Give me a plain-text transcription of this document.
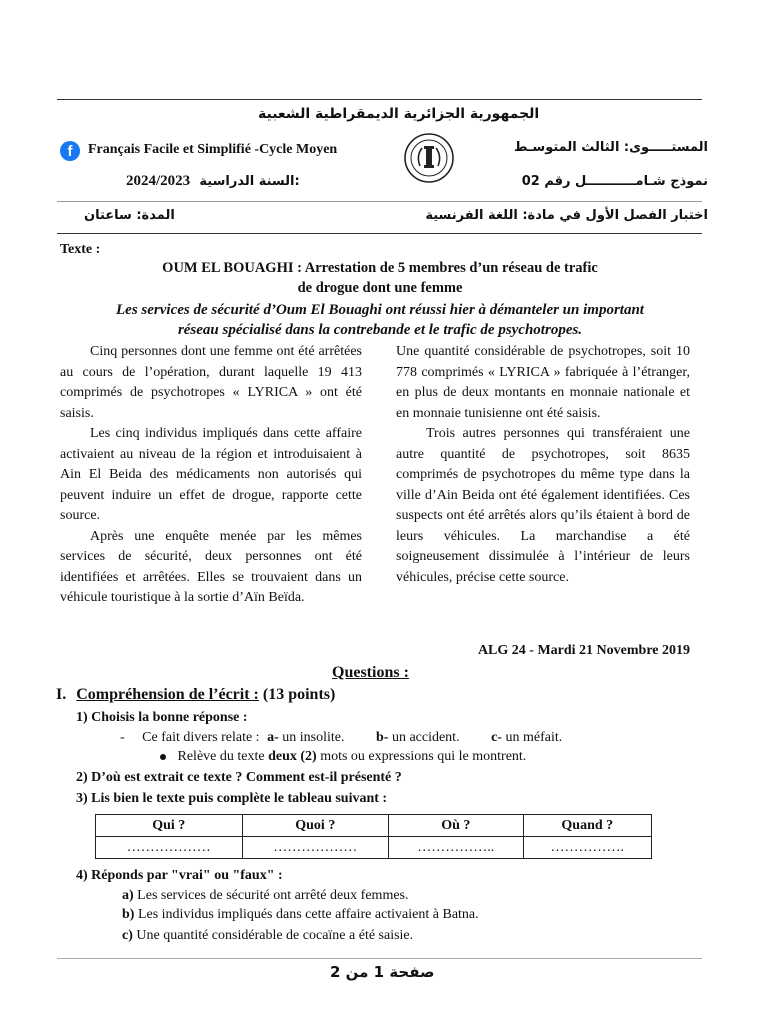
الجمهورية الجزائرية الديمقراطية الشعبية
f	Français Facile et Simplifié -Cycle Moyen	المستـــــوى: الثالث المتوسـط
نموذج شـامـــــــــــل رقم 02
2024/2023 السنة الدراسية:
اختبار الفصل الأول في مادة: اللغة الفرنسية
المدة: ساعتان
Texte :
OUM EL BOUAGHI : Arrestation de 5 membres d’un réseau de trafic
de drogue dont une femme
Les services de sécurité d’Oum El Bouaghi ont réussi hier à démanteler un important
réseau spécialisé dans la contrebande et le trafic de psychotropes.

Cinq personnes dont une femme ont été arrêtées au cours de l’opération, durant laquelle 19 413 comprimés de psychotropes « LYRICA » ont été saisis.

Les cinq individus impliqués dans cette affaire activaient au niveau de la région et introduisaient à Ain El Beida des médicaments non autorisés qui peuvent induire un effet de drogue, rapporte cette source.

Après une enquête menée par les mêmes services de sécurité, deux personnes ont été identifiées et arrêtées. Elles se trouvaient dans un véhicule touristique à la sortie d’Aïn Beïda.

Une quantité considérable de psychotropes, soit 10 778 comprimés « LYRICA » fabriquée à l’étranger, en plus de deux montants en monnaie nationale et en monnaie tunisienne ont été saisis.

Trois autres personnes qui transféraient une autre quantité de psychotropes, soit 8635 comprimés de psychotropes du même type dans la ville d’Ain Beida ont été également identifiées. Ces suspects ont été arrêtés alors qu’ils étaient à bord de leurs véhicules. La marchandise a été soigneusement dissimulée à l’intérieur de leurs véhicules, précise cette source.

ALG 24 - Mardi 21 Novembre 2019
Questions :
I. Compréhension de l’écrit : (13 points)
1) Choisis la bonne réponse :
- Ce fait divers relate : a- un insolite. b- un accident. c- un méfait.
Relève du texte deux (2) mots ou expressions qui le montrent.
2) D’où est extrait ce texte ? Comment est-il présenté ?
3) Lis bien le texte puis complète le tableau suivant :
Qui ?	Quoi ?	Où ?	Quand ?
………………	………………	……………..	…………….
4) Réponds par "vrai" ou "faux" :
a) Les services de sécurité ont arrêté deux femmes.
b) Les individus impliqués dans cette affaire activaient à Batna.
c) Une quantité considérable de cocaïne a été saisie.
صفحة 1 من 2
